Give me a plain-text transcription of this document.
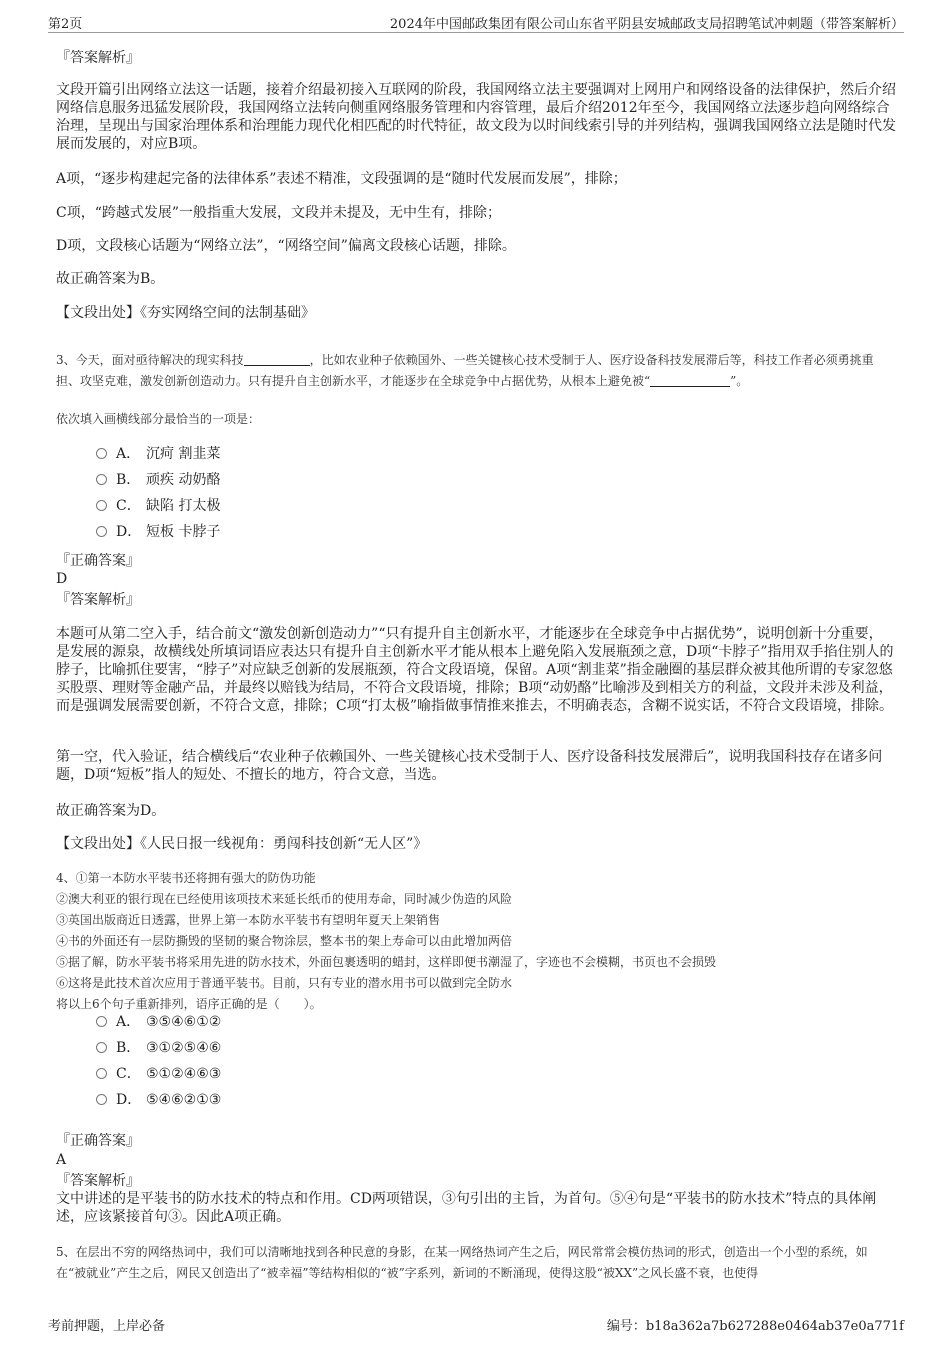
第2页	2024年中国邮政集团有限公司山东省平阴县安城邮政支局招聘笔试冲刺题（带答案解析）
『答案解析』

文段开篇引出网络立法这一话题，接着介绍最初接入互联网的阶段，我国网络立法主要强调对上网用户和网络设备的法律保护，然后介绍网络信息服务迅猛发展阶段，我国网络立法转向侧重网络服务管理和内容管理，最后介绍2012年至今，我国网络立法逐步趋向网络综合治理，呈现出与国家治理体系和治理能力现代化相匹配的时代特征，故文段为以时间线索引导的并列结构，强调我国网络立法是随时代发展而发展的，对应B项。

A项，“逐步构建起完备的法律体系”表述不精准，文段强调的是“随时代发展而发展”，排除；

C项，“跨越式发展”一般指重大发展，文段并未提及，无中生有，排除；

D项，文段核心话题为“网络立法”，“网络空间”偏离文段核心话题，排除。

故正确答案为B。

【文段出处】《夯实网络空间的法制基础》

3、今天，面对亟待解决的现实科技	，比如农业种子依赖国外、一些关键核心技术受制于人、医疗设备科技发展滞后等，科技工作者必须勇挑重担、攻坚克难，激发创新创造动力。只有提升自主创新水平，才能逐步在全球竞争中占据优势，从根本上避免被“	”。

依次填入画横线部分最恰当的一项是：

A． 沉疴 割韭菜
B． 顽疾 动奶酪
C． 缺陷 打太极
D． 短板 卡脖子
『正确答案』
D
『答案解析』

本题可从第二空入手，结合前文“激发创新创造动力”“只有提升自主创新水平，才能逐步在全球竞争中占据优势”，说明创新十分重要，是发展的源泉，故横线处所填词语应表达只有提升自主创新水平才能从根本上避免陷入发展瓶颈之意，D项“卡脖子”指用双手掐住别人的脖子，比喻抓住要害，“脖子”对应缺乏创新的发展瓶颈，符合文段语境，保留。A项“割韭菜”指金融圈的基层群众被其他所谓的专家忽悠买股票、理财等金融产品，并最终以赔钱为结局，不符合文段语境，排除；B项“动奶酪”比喻涉及到相关方的利益，文段并未涉及利益，而是强调发展需要创新，不符合文意，排除；C项“打太极”喻指做事情推来推去，不明确表态，含糊不说实话，不符合文段语境，排除。

第一空，代入验证，结合横线后“农业种子依赖国外、一些关键核心技术受制于人、医疗设备科技发展滞后”，说明我国科技存在诸多问题，D项“短板”指人的短处、不擅长的地方，符合文意，当选。

故正确答案为D。

【文段出处】《人民日报一线视角：勇闯科技创新“无人区”》

4、①第一本防水平装书还将拥有强大的防伪功能
②澳大利亚的银行现在已经使用该项技术来延长纸币的使用寿命，同时减少伪造的风险
③英国出版商近日透露，世界上第一本防水平装书有望明年夏天上架销售
④书的外面还有一层防撕毁的坚韧的聚合物涂层，整本书的架上寿命可以由此增加两倍
⑤据了解，防水平装书将采用先进的防水技术，外面包裹透明的蜡封，这样即便书潮湿了，字迹也不会模糊，书页也不会损毁
⑥这将是此技术首次应用于普通平装书。目前，只有专业的潜水用书可以做到完全防水
将以上6个句子重新排列，语序正确的是（　　）。
A． ③⑤④⑥①②
B． ③①②⑤④⑥
C． ⑤①②④⑥③
D． ⑤④⑥②①③
『正确答案』
A
『答案解析』

文中讲述的是平装书的防水技术的特点和作用。CD两项错误，③句引出的主旨，为首句。⑤④句是“平装书的防水技术”特点的具体阐述，应该紧接首句③。因此A项正确。

5、在层出不穷的网络热词中，我们可以清晰地找到各种民意的身影，在某一网络热词产生之后，网民常常会模仿热词的形式，创造出一个小型的系统，如在“被就业”产生之后，网民又创造出了“被幸福”等结构相似的“被”字系列，新词的不断涌现，使得这股“被XX”之风长盛不衰，也使得

考前押题，上岸必备	编号：b18a362a7b627288e0464ab37e0a771f
